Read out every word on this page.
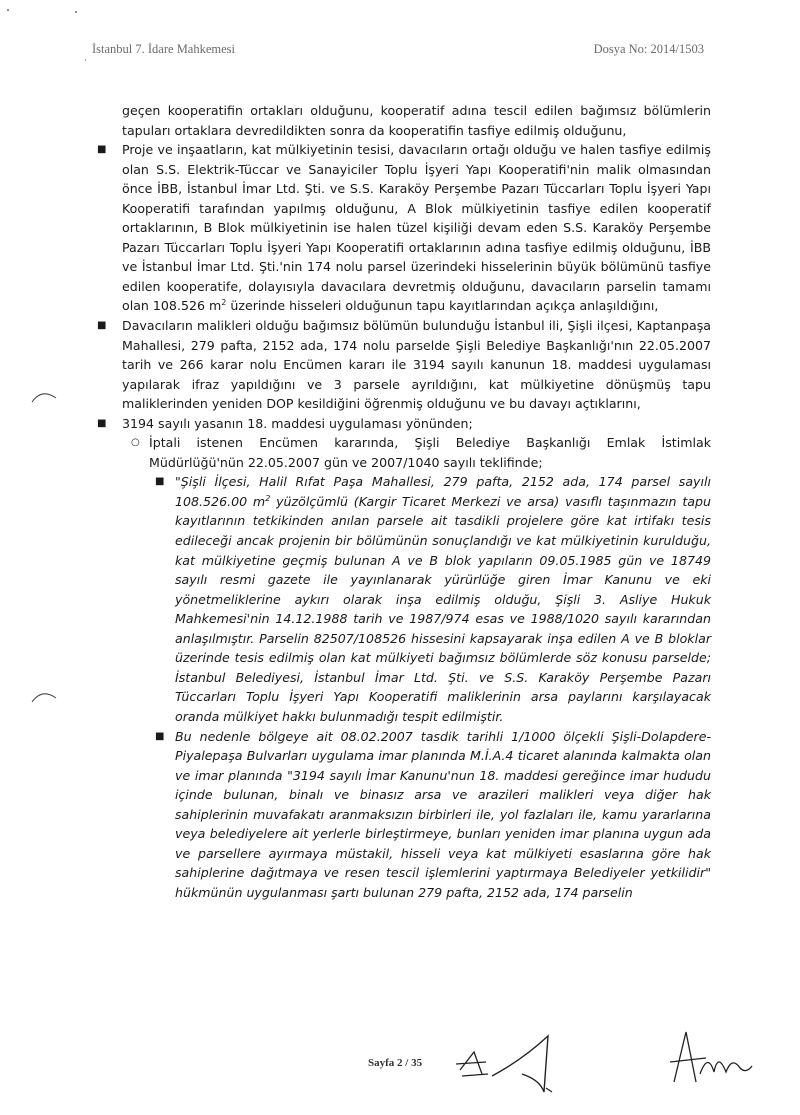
İstanbul 7. İdare Mahkemesi	Dosya No: 2014/1503

geçen kooperatifin ortakları olduğunu, kooperatif adına tescil edilen bağımsız bölümlerin tapuları ortaklara devredildikten sonra da kooperatifin tasfiye edilmiş olduğunu,

■ Proje ve inşaatların, kat mülkiyetinin tesisi, davacıların ortağı olduğu ve halen tasfiye edilmiş olan S.S. Elektrik-Tüccar ve Sanayiciler Toplu İşyeri Yapı Kooperatifi'nin malik olmasından önce İBB, İstanbul İmar Ltd. Şti. ve S.S. Karaköy Perşembe Pazarı Tüccarları Toplu İşyeri Yapı Kooperatifi tarafından yapılmış olduğunu, A Blok mülkiyetinin tasfiye edilen kooperatif ortaklarının, B Blok mülkiyetinin ise halen tüzel kişiliği devam eden S.S. Karaköy Perşembe Pazarı Tüccarları Toplu İşyeri Yapı Kooperatifi ortaklarının adına tasfiye edilmiş olduğunu, İBB ve İstanbul İmar Ltd. Şti.'nin 174 nolu parsel üzerindeki hisselerinin büyük bölümünü tasfiye edilen kooperatife, dolayısıyla davacılara devretmiş olduğunu, davacıların parselin tamamı olan 108.526 $m^2$ üzerinde hisseleri olduğunun tapu kayıtlarından açıkça anlaşıldığını,

■ Davacıların malikleri olduğu bağımsız bölümün bulunduğu İstanbul ili, Şişli ilçesi, Kaptanpaşa Mahallesi, 279 pafta, 2152 ada, 174 nolu parselde Şişli Belediye Başkanlığı'nın 22.05.2007 tarih ve 266 karar nolu Encümen kararı ile 3194 sayılı kanunun 18. maddesi uygulaması yapılarak ifraz yapıldığını ve 3 parsele ayrıldığını, kat mülkiyetine dönüşmüş tapu maliklerinden yeniden DOP kesildiğini öğrenmiş olduğunu ve bu davayı açtıklarını,

■ 3194 sayılı yasanın 18. maddesi uygulaması yönünden;

○ İptali istenen Encümen kararında, Şişli Belediye Başkanlığı Emlak İstimlak Müdürlüğü'nün 22.05.2007 gün ve 2007/1040 sayılı teklifinde;

■ "Şişli İlçesi, Halil Rıfat Paşa Mahallesi, 279 pafta, 2152 ada, 174 parsel sayılı 108.526.00 $m^2$ yüzölçümlü (Kargir Ticaret Merkezi ve arsa) vasıflı taşınmazın tapu kayıtlarının tetkikinden anılan parsele ait tasdikli projelere göre kat irtifakı tesis edileceği ancak projenin bir bölümünün sonuçlandığı ve kat mülkiyetinin kurulduğu, kat mülkiyetine geçmiş bulunan A ve B blok yapıların 09.05.1985 gün ve 18749 sayılı resmi gazete ile yayınlanarak yürürlüğe giren İmar Kanunu ve eki yönetmeliklerine aykırı olarak inşa edilmiş olduğu, Şişli 3. Asliye Hukuk Mahkemesi'nin 14.12.1988 tarih ve 1987/974 esas ve 1988/1020 sayılı kararından anlaşılmıştır. Parselin 82507/108526 hissesini kapsayarak inşa edilen A ve B bloklar üzerinde tesis edilmiş olan kat mülkiyeti bağımsız bölümlerde söz konusu parselde; İstanbul Belediyesi, İstanbul İmar Ltd. Şti. ve S.S. Karaköy Perşembe Pazarı Tüccarları Toplu İşyeri Yapı Kooperatifi maliklerinin arsa paylarını karşılayacak oranda mülkiyet hakkı bulunmadığı tespit edilmiştir.

■ Bu nedenle bölgeye ait 08.02.2007 tasdik tarihli 1/1000 ölçekli Şişli-Dolapdere-Piyalepaşa Bulvarları uygulama imar planında M.İ.A.4 ticaret alanında kalmakta olan ve imar planında "3194 sayılı İmar Kanunu'nun 18. maddesi gereğince imar hududu içinde bulunan, binalı ve binasız arsa ve arazileri malikleri veya diğer hak sahiplerinin muvafakatı aranmaksızın birbirleri ile, yol fazlaları ile, kamu yararlarına veya belediyelere ait yerlerle birleştirmeye, bunları yeniden imar planına uygun ada ve parsellere ayırmaya müstakil, hisseli veya kat mülkiyeti esaslarına göre hak sahiplerine dağıtmaya ve resen tescil işlemlerini yaptırmaya Belediyeler yetkilidir" hükmünün uygulanması şartı bulunan 279 pafta, 2152 ada, 174 parselin

Sayfa 2 / 35
